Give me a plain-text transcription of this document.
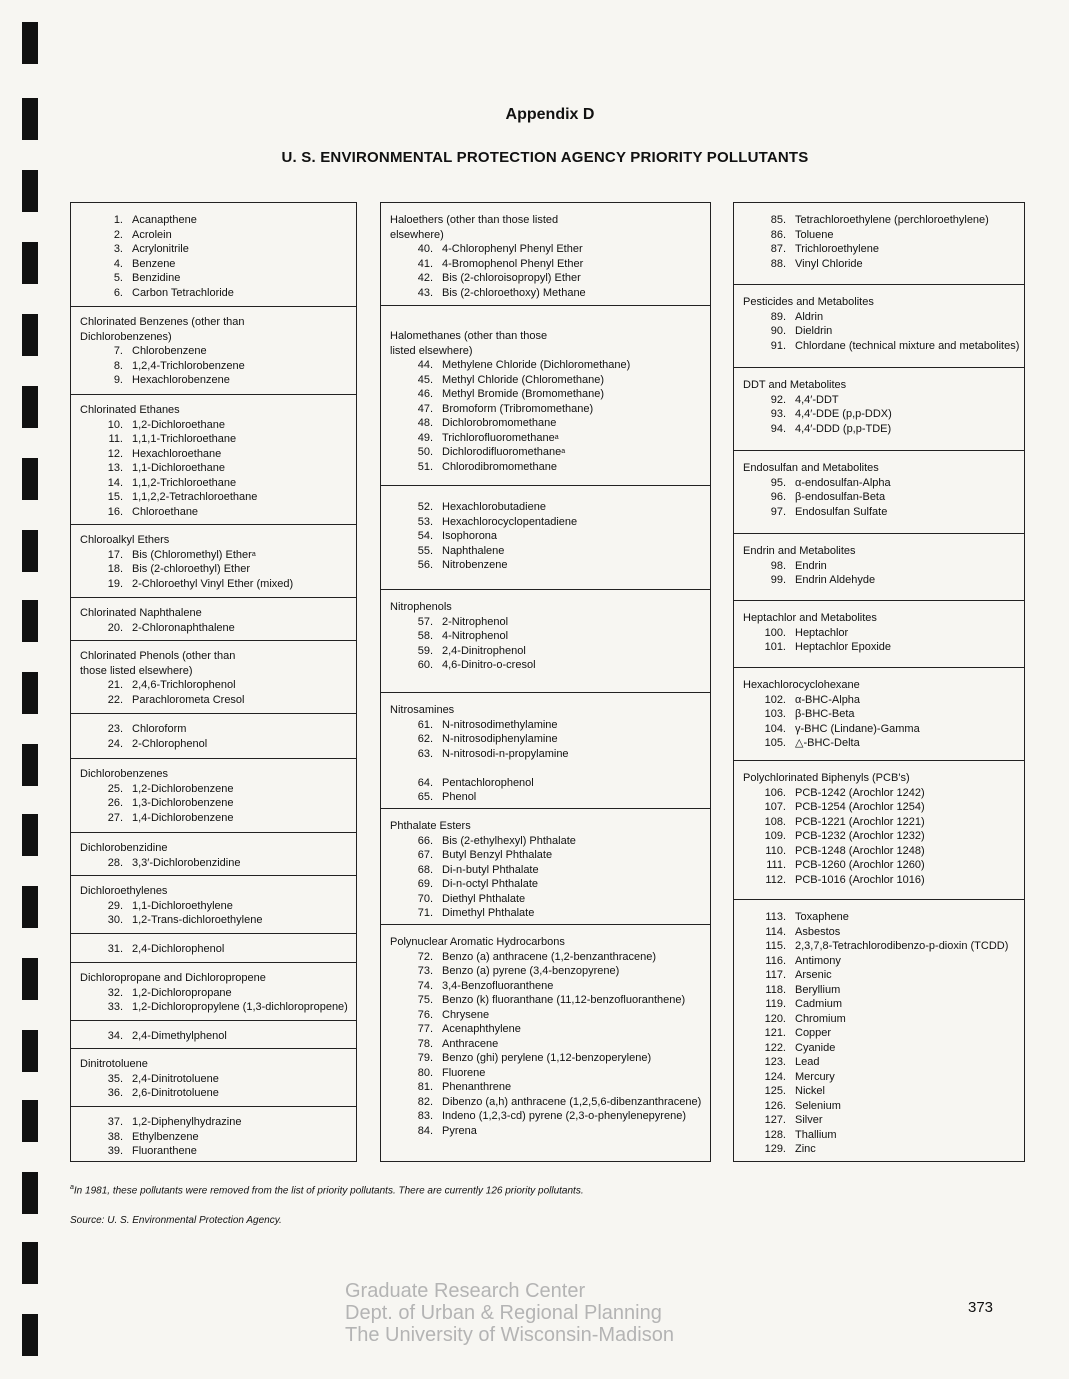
Appendix D
U. S. ENVIRONMENTAL PROTECTION AGENCY PRIORITY POLLUTANTS
1. Acanapthene
2. Acrolein
3. Acrylonitrile
4. Benzene
5. Benzidine
6. Carbon Tetrachloride
Chlorinated Benzenes (other than
Dichlorobenzenes)
7. Chlorobenzene
8. 1,2,4-Trichlorobenzene
9. Hexachlorobenzene
Chlorinated Ethanes
10. 1,2-Dichloroethane
11. 1,1,1-Trichloroethane
12. Hexachloroethane
13. 1,1-Dichloroethane
14. 1,1,2-Trichloroethane
15. 1,1,2,2-Tetrachloroethane
16. Chloroethane
Chloroalkyl Ethers
17. Bis (Chloromethyl) Ether a
18. Bis (2-chloroethyl) Ether
19. 2-Chloroethyl Vinyl Ether (mixed)
Chlorinated Naphthalene
20. 2-Chloronaphthalene
Chlorinated Phenols (other than
those listed elsewhere)
21. 2,4,6-Trichlorophenol
22. Parachlorometa Cresol
23. Chloroform
24. 2-Chlorophenol
Dichlorobenzenes
25. 1,2-Dichlorobenzene
26. 1,3-Dichlorobenzene
27. 1,4-Dichlorobenzene
Dichlorobenzidine
28. 3,3′-Dichlorobenzidine
Dichloroethylenes
29. 1,1-Dichloroethylene
30. 1,2-Trans-dichloroethylene
31. 2,4-Dichlorophenol
Dichloropropane and Dichloropropene
32. 1,2-Dichloropropane
33. 1,2-Dichloropropylene (1,3-dichloropropene)
34. 2,4-Dimethylphenol
Dinitrotoluene
35. 2,4-Dinitrotoluene
36. 2,6-Dinitrotoluene
37. 1,2-Diphenylhydrazine
38. Ethylbenzene
39. Fluoranthene
Haloethers (other than those listed
elsewhere)
40. 4-Chlorophenyl Phenyl Ether
41. 4-Bromophenol Phenyl Ether
42. Bis (2-chloroisopropyl) Ether
43. Bis (2-chloroethoxy) Methane
Halomethanes (other than those
listed elsewhere)
44. Methylene Chloride (Dichloromethane)
45. Methyl Chloride (Chloromethane)
46. Methyl Bromide (Bromomethane)
47. Bromoform (Tribromomethane)
48. Dichlorobromomethane
49. Trichlorofluoromethane a
50. Dichlorodifluoromethane a
51. Chlorodibromomethane
52. Hexachlorobutadiene
53. Hexachlorocyclopentadiene
54. Isophorona
55. Naphthalene
56. Nitrobenzene
Nitrophenols
57. 2-Nitrophenol
58. 4-Nitrophenol
59. 2,4-Dinitrophenol
60. 4,6-Dinitro-o-cresol
Nitrosamines
61. N-nitrosodimethylamine
62. N-nitrosodiphenylamine
63. N-nitrosodi-n-propylamine
64. Pentachlorophenol
65. Phenol
Phthalate Esters
66. Bis (2-ethylhexyl) Phthalate
67. Butyl Benzyl Phthalate
68. Di-n-butyl Phthalate
69. Di-n-octyl Phthalate
70. Diethyl Phthalate
71. Dimethyl Phthalate
Polynuclear Aromatic Hydrocarbons
72. Benzo (a) anthracene (1,2-benzanthracene)
73. Benzo (a) pyrene (3,4-benzopyrene)
74. 3,4-Benzofluoranthene
75. Benzo (k) fluoranthane (11,12-benzofluoranthene)
76. Chrysene
77. Acenaphthylene
78. Anthracene
79. Benzo (ghi) perylene (1,12-benzoperylene)
80. Fluorene
81. Phenanthrene
82. Dibenzo (a,h) anthracene (1,2,5,6-dibenzanthracene)
83. Indeno (1,2,3-cd) pyrene (2,3-o-phenylenepyrene)
84. Pyrena
85. Tetrachloroethylene (perchloroethylene)
86. Toluene
87. Trichloroethylene
88. Vinyl Chloride
Pesticides and Metabolites
89. Aldrin
90. Dieldrin
91. Chlordane (technical mixture and metabolites)
DDT and Metabolites
92. 4,4′-DDT
93. 4,4′-DDE (p,p-DDX)
94. 4,4′-DDD (p,p-TDE)
Endosulfan and Metabolites
95. α-endosulfan-Alpha
96. β-endosulfan-Beta
97. Endosulfan Sulfate
Endrin and Metabolites
98. Endrin
99. Endrin Aldehyde
Heptachlor and Metabolites
100. Heptachlor
101. Heptachlor Epoxide
Hexachlorocyclohexane
102. α-BHC-Alpha
103. β-BHC-Beta
104. γ-BHC (Lindane)-Gamma
105. △-BHC-Delta
Polychlorinated Biphenyls (PCB’s)
106. PCB-1242 (Arochlor 1242)
107. PCB-1254 (Arochlor 1254)
108. PCB-1221 (Arochlor 1221)
109. PCB-1232 (Arochlor 1232)
110. PCB-1248 (Arochlor 1248)
111. PCB-1260 (Arochlor 1260)
112. PCB-1016 (Arochlor 1016)
113. Toxaphene
114. Asbestos
115. 2,3,7,8-Tetrachlorodibenzo-p-dioxin (TCDD)
116. Antimony
117. Arsenic
118. Beryllium
119. Cadmium
120. Chromium
121. Copper
122. Cyanide
123. Lead
124. Mercury
125. Nickel
126. Selenium
127. Silver
128. Thallium
129. Zinc
$^a$In 1981, these pollutants were removed from the list of priority pollutants. There are currently 126 priority pollutants.
Source: U. S. Environmental Protection Agency.
Graduate Research Center
Dept. of Urban & Regional Planning
The University of Wisconsin-Madison
373
